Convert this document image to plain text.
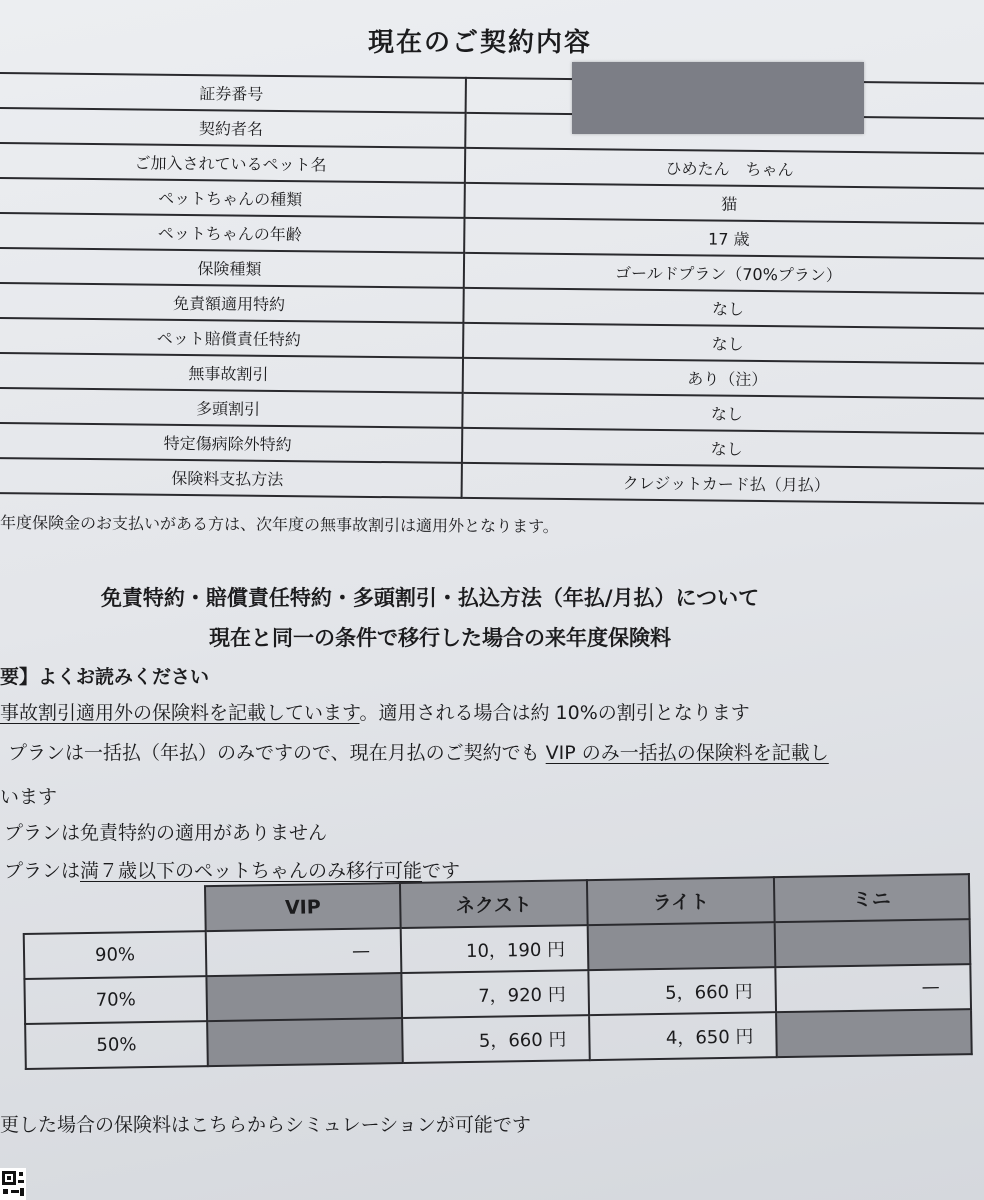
現在のご契約内容
証券番号	
契約者名	
ご加入されているペット名	ひめたん　ちゃん
ペットちゃんの種類	猫
ペットちゃんの年齢	17 歳
保険種類	ゴールドプラン（70%プラン）
免責額適用特約	なし
ペット賠償責任特約	なし
無事故割引	あり（注）
多頭割引	なし
特定傷病除外特約	なし
保険料支払方法	クレジットカード払（月払）
年度保険金のお支払いがある方は、次年度の無事故割引は適用外となります。
免責特約・賠償責任特約・多頭割引・払込方法（年払/月払）について
現在と同一の条件で移行した場合の来年度保険料
要】よくお読みください
事故割引適用外の保険料を記載しています。適用される場合は約 10%の割引となります
プランは一括払（年払）のみですので、現在月払のご契約でも VIP のみ一括払の保険料を記載し
います
プランは免責特約の適用がありません
プランは満７歳以下のペットちゃんのみ移行可能です
	VIP	ネクスト	ライト	ミニ
90%	—	10，190 円		
70%		7，920 円	5，660 円	—
50%		5，660 円	4，650 円	
更した場合の保険料はこちらからシミュレーションが可能です
